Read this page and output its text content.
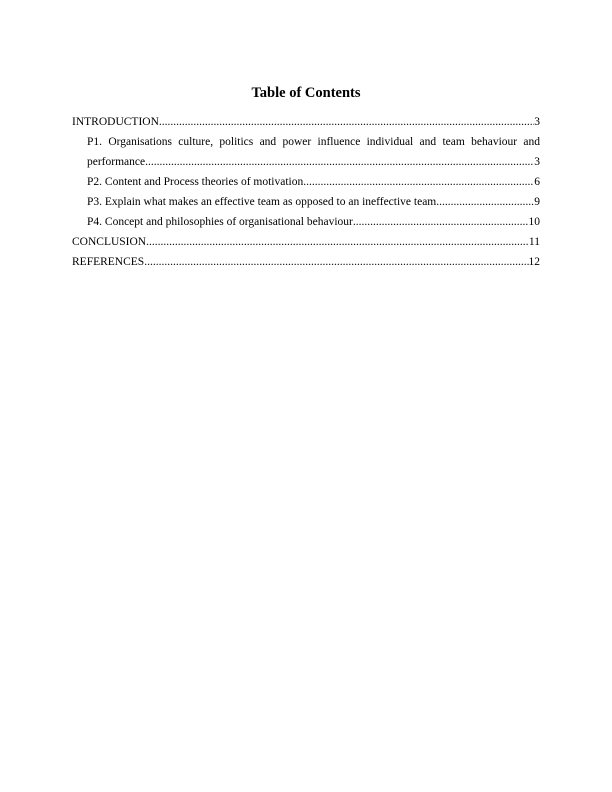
Table of Contents
INTRODUCTION .....	3
P1. Organisations culture, politics and power influence individual and team behaviour and
performance .....	3
P2. Content and Process theories of motivation .....	6
P3. Explain what makes an effective team as opposed to an ineffective team .....	9
P4. Concept and philosophies of organisational behaviour .....	10
CONCLUSION .....	11
REFERENCES .....	12
